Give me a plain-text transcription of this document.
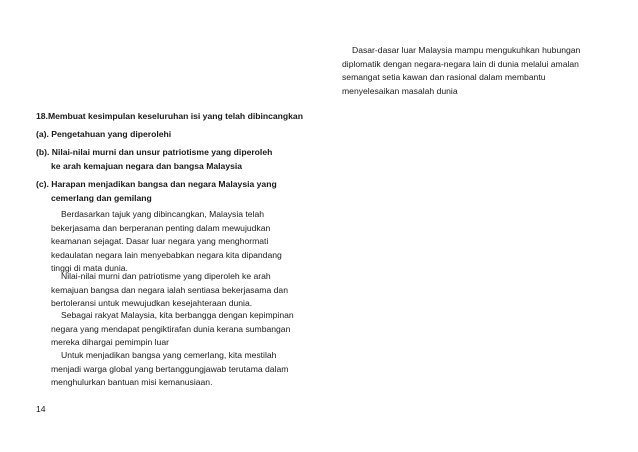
Dasar-dasar luar Malaysia mampu mengukuhkan hubungan
diplomatik dengan negara-negara lain di dunia melalui amalan
semangat setia kawan dan rasional dalam membantu
menyelesaikan masalah dunia
18.Membuat kesimpulan keseluruhan isi yang telah dibincangkan
(a). Pengetahuan yang diperolehi
(b). Nilai-nilai murni dan unsur patriotisme yang diperoleh
ke arah kemajuan negara dan bangsa Malaysia
(c). Harapan menjadikan bangsa dan negara Malaysia yang
cemerlang dan gemilang
Berdasarkan tajuk yang dibincangkan, Malaysia telah
bekerjasama dan berperanan penting dalam mewujudkan
keamanan sejagat. Dasar luar negara yang menghormati
kedaulatan negara lain menyebabkan negara kita dipandang
tinggi di mata dunia.
Nilai-nilai murni dan patriotisme yang diperoleh ke arah
kemajuan bangsa dan negara ialah sentiasa bekerjasama dan
bertoleransi untuk mewujudkan kesejahteraan dunia.
Sebagai rakyat Malaysia, kita berbangga dengan kepimpinan
negara yang mendapat pengiktirafan dunia kerana sumbangan
mereka dihargai pemimpin luar
Untuk menjadikan bangsa yang cemerlang, kita mestilah
menjadi warga global yang bertanggungjawab terutama dalam
menghulurkan bantuan misi kemanusiaan.
14
